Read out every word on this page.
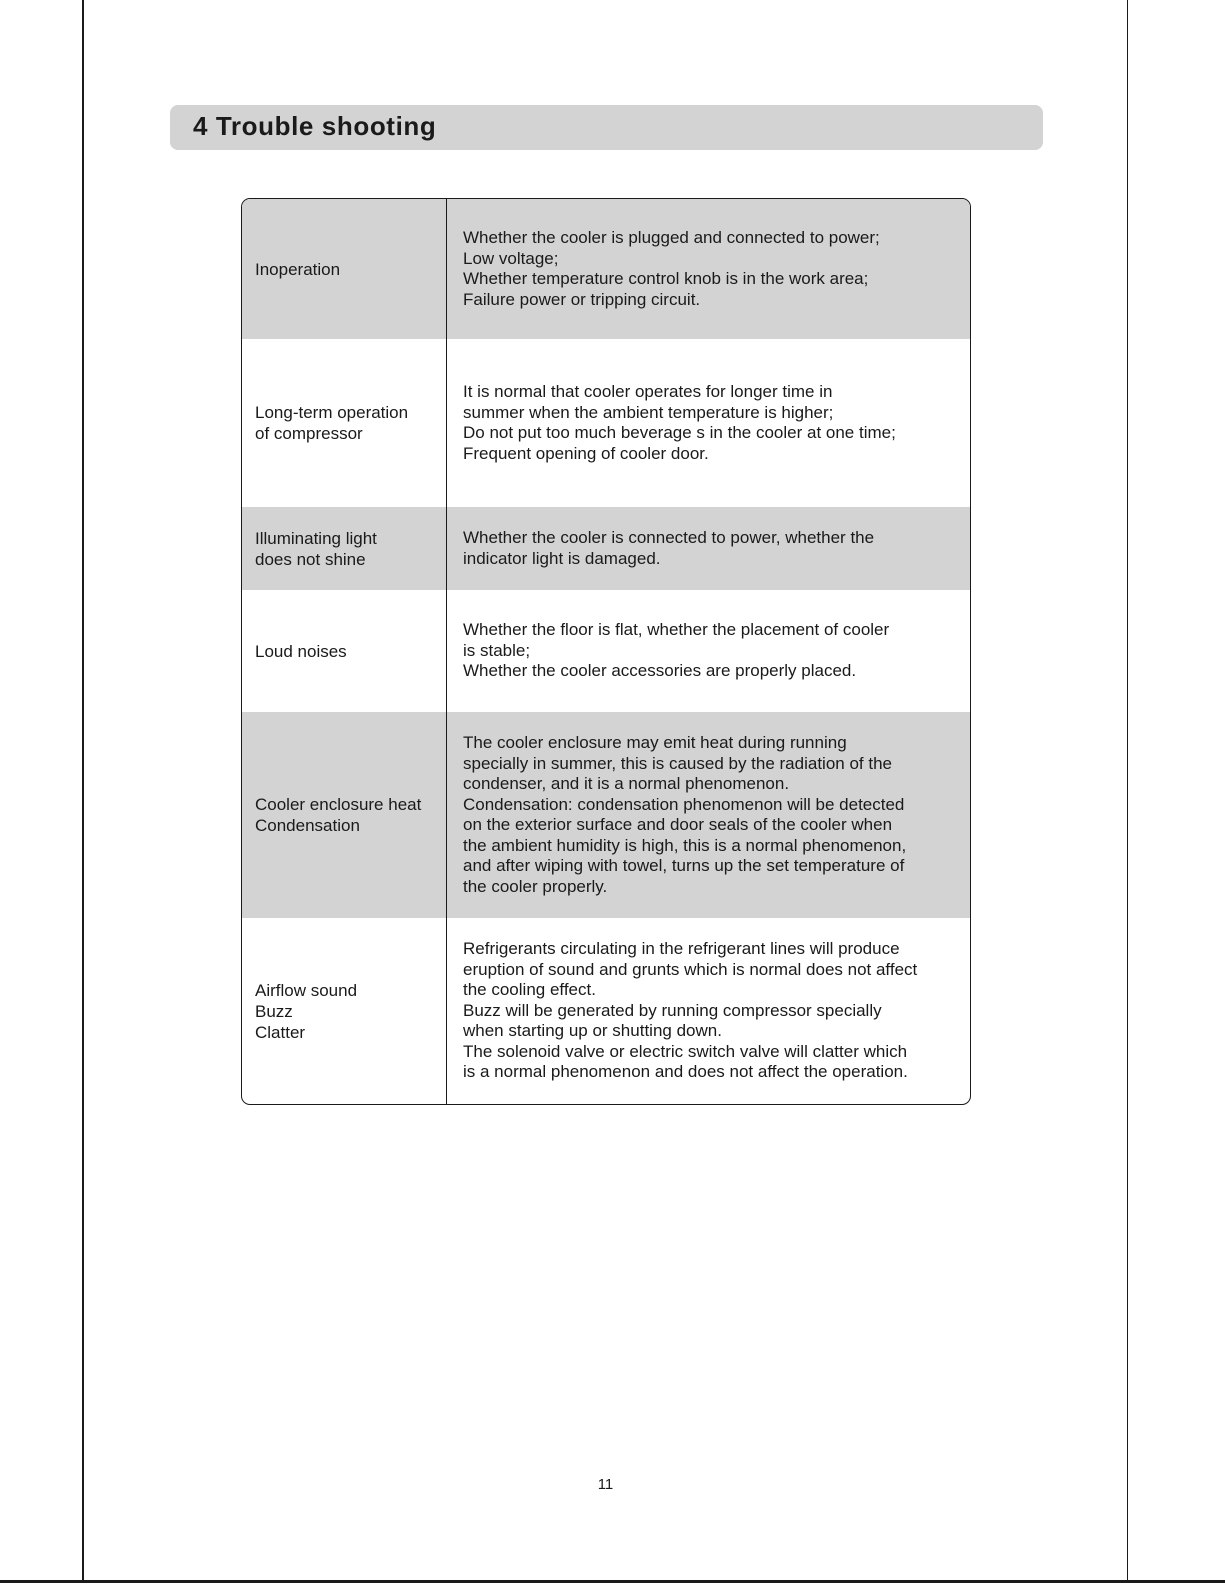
4 Trouble shooting
Inoperation
Whether the cooler is plugged and connected to power;
Low voltage;
Whether temperature control knob is in the work area;
Failure power or tripping circuit.
Long-term operation
of compressor
It is normal that cooler operates for longer time in
summer when the ambient temperature is higher;
Do not put too much beverage s in the cooler at one time;
Frequent opening of cooler door.
Illuminating light
does not shine
Whether the cooler is connected to power, whether the
indicator light is damaged.
Loud noises
Whether the floor is flat, whether the placement of cooler
is stable;
Whether the cooler accessories are properly placed.
Cooler enclosure heat
Condensation
The cooler enclosure may emit heat during running
specially in summer, this is caused by the radiation of the
condenser, and it is a normal phenomenon.
Condensation: condensation phenomenon will be detected
on the exterior surface and door seals of the cooler when
the ambient humidity is high, this is a normal phenomenon,
and after wiping with towel, turns up the set temperature of
the cooler properly.
Airflow sound
Buzz
Clatter
Refrigerants circulating in the refrigerant lines will produce
eruption of sound and grunts which is normal does not affect
the cooling effect.
Buzz will be generated by running compressor specially
when starting up or shutting down.
The solenoid valve or electric switch valve will clatter which
is a normal phenomenon and does not affect the operation.
11
